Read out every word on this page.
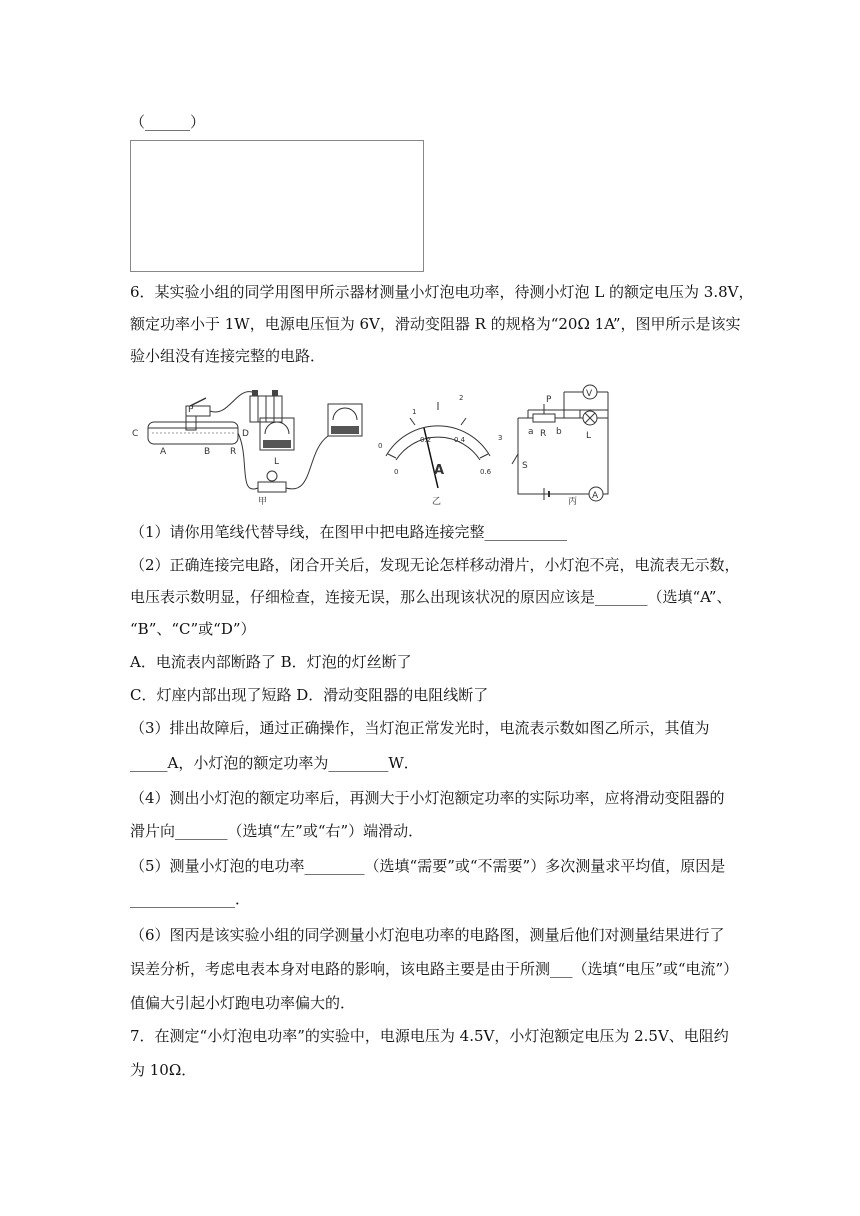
（______）
6．某实验小组的同学用图甲所示器材测量小灯泡电功率，待测小灯泡 L 的额定电压为 3.8V，
额定功率小于 1W，电源电压恒为 6V，滑动变阻器 R 的规格为“20Ω 1A”，图甲所示是该实
验小组没有连接完整的电路．
C	D
A	B
P
R
L
甲
0
1
2
3
0
0.2	0.4
0.6
A
乙
V
a b
P
R	L
S
A
丙
（1）请你用笔线代替导线，在图甲中把电路连接完整___________
（2）正确连接完电路，闭合开关后，发现无论怎样移动滑片，小灯泡不亮，电流表无示数，
电压表示数明显，仔细检查，连接无误，那么出现该状况的原因应该是_______（选填“A”、
“B”、“C”或“D”）
A．电流表内部断路了 B．灯泡的灯丝断了
C．灯座内部出现了短路 D．滑动变阻器的电阻线断了
（3）排出故障后，通过正确操作，当灯泡正常发光时，电流表示数如图乙所示，其值为
_____A，小灯泡的额定功率为________W．
（4）测出小灯泡的额定功率后，再测大于小灯泡额定功率的实际功率，应将滑动变阻器的
滑片向_______（选填“左”或“右”）端滑动．
（5）测量小灯泡的电功率________（选填“需要”或“不需要”）多次测量求平均值，原因是
______________．
（6）图丙是该实验小组的同学测量小灯泡电功率的电路图，测量后他们对测量结果进行了
误差分析，考虑电表本身对电路的影响，该电路主要是由于所测___（选填“电压”或“电流”）
值偏大引起小灯跑电功率偏大的．
7．在测定“小灯泡电功率”的实验中，电源电压为 4.5V，小灯泡额定电压为 2.5V、电阻约
为 10Ω．
